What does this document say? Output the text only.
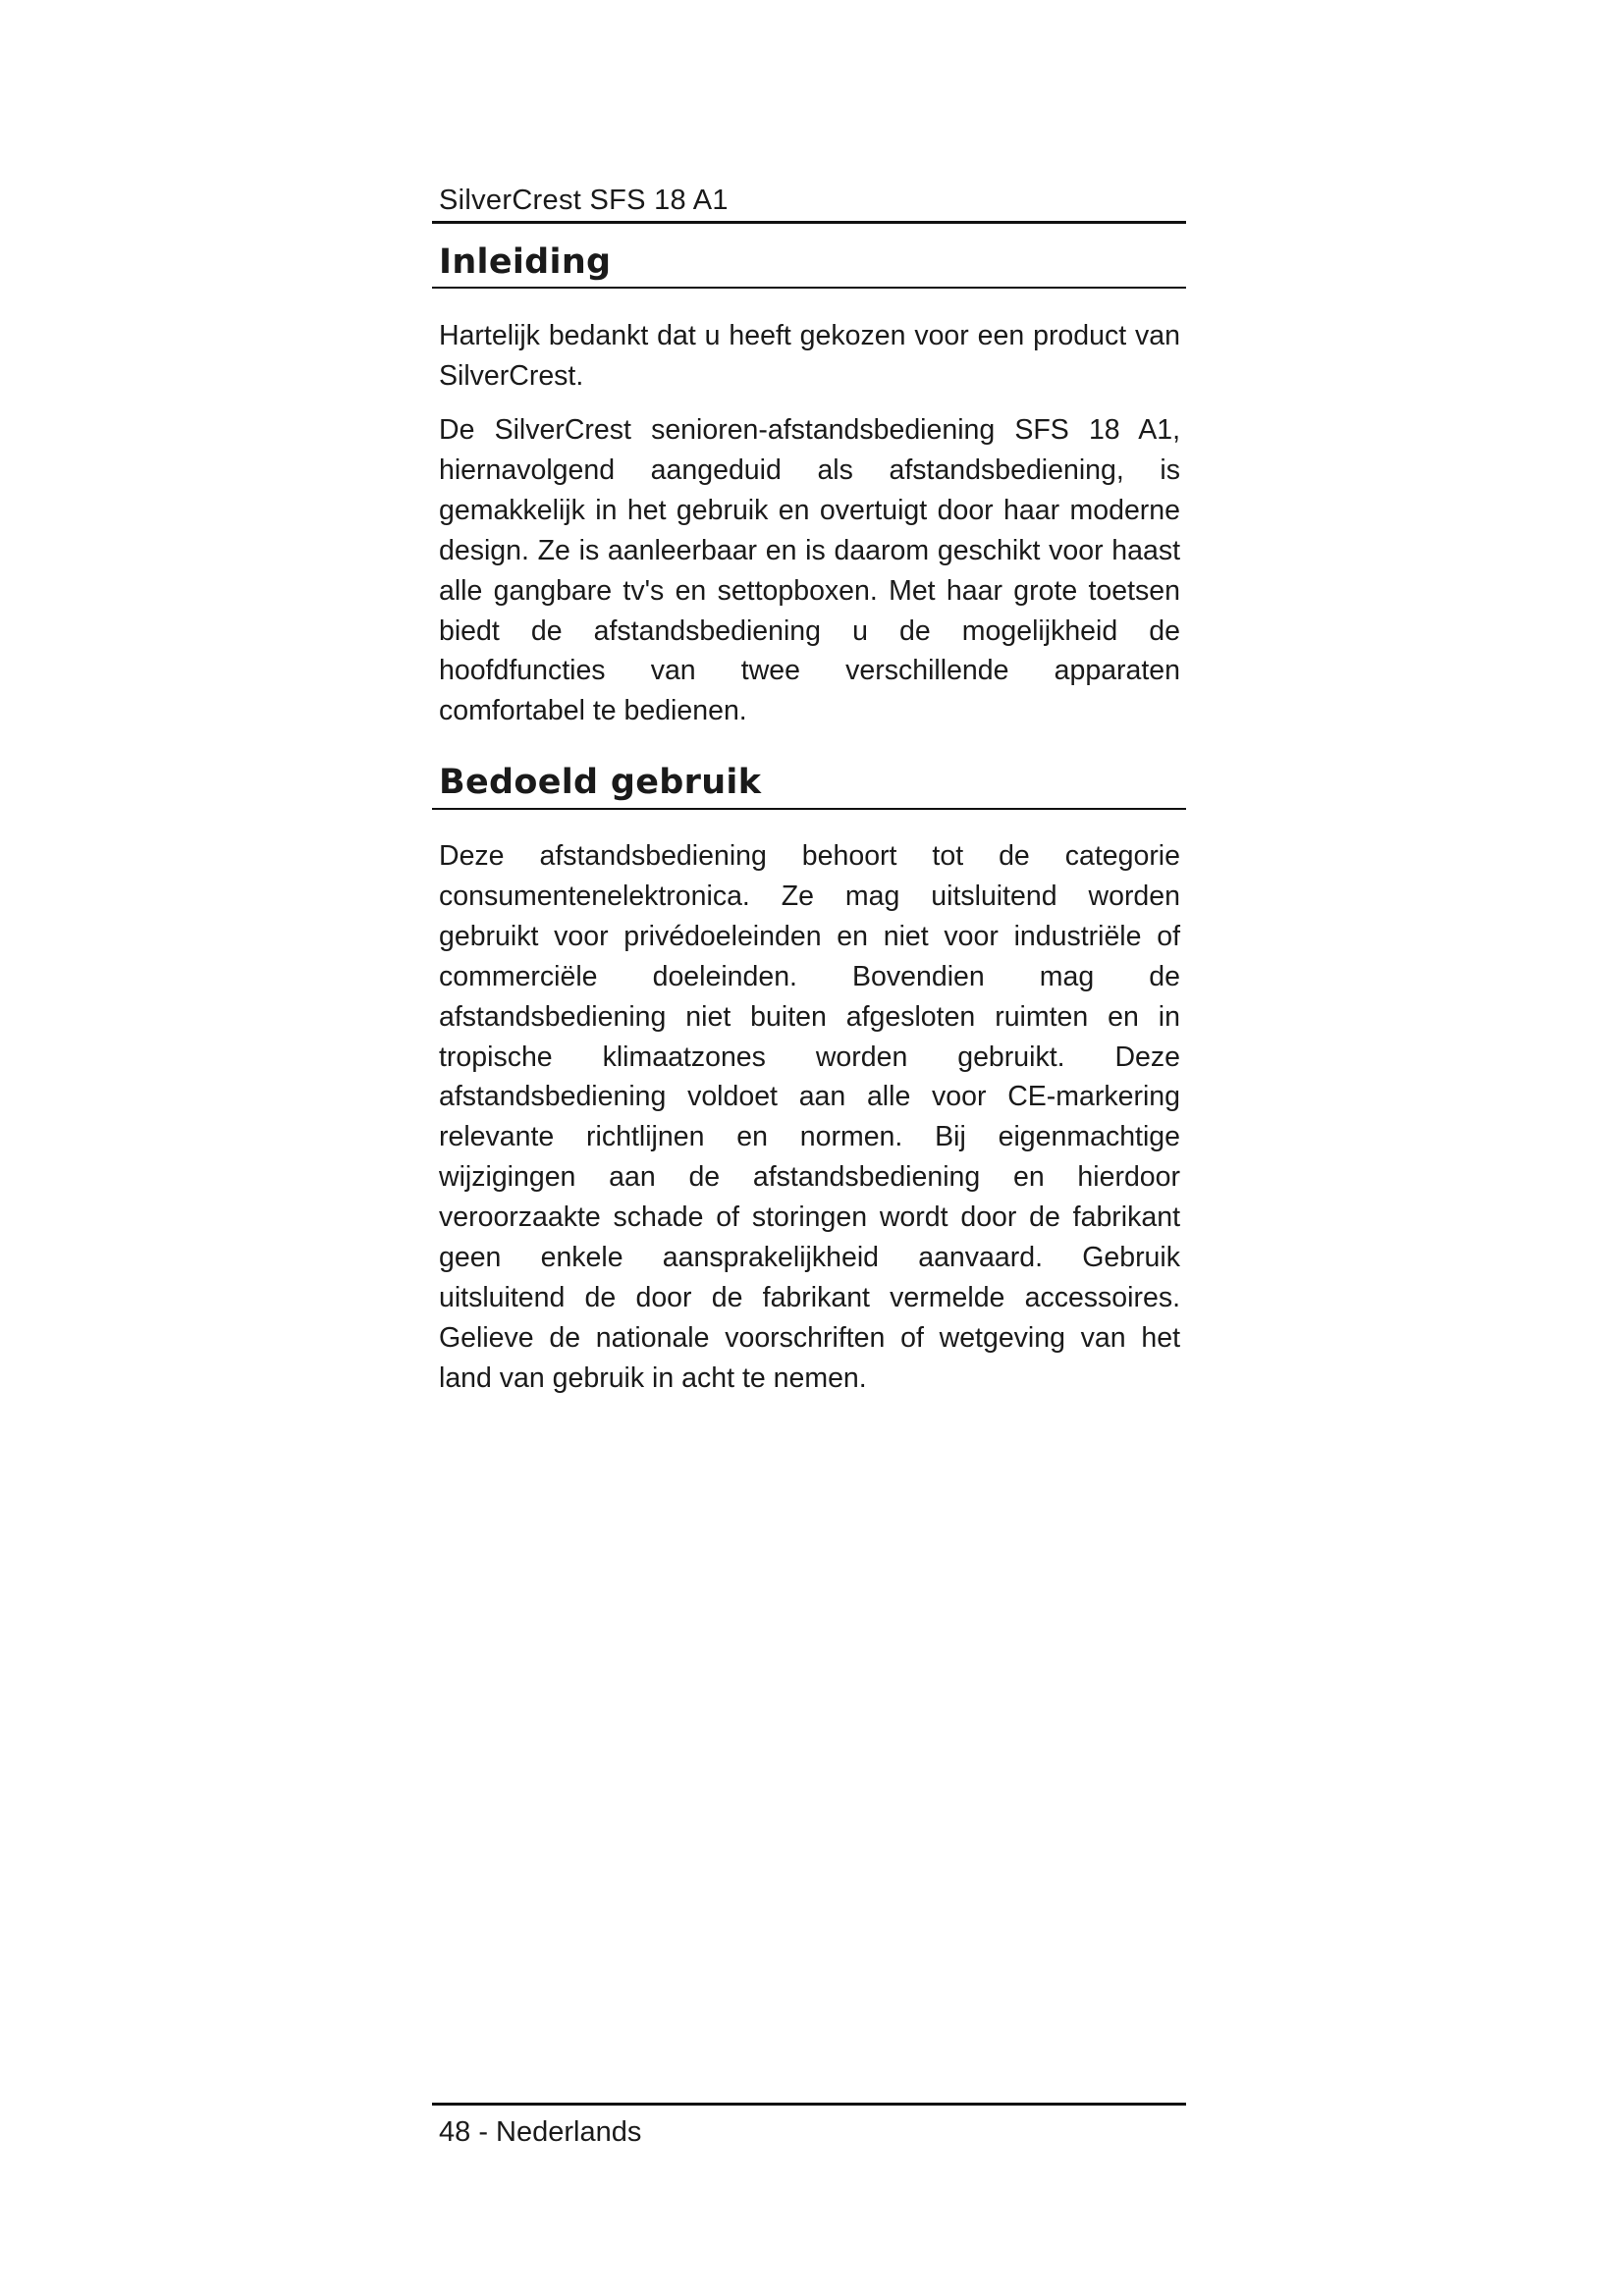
SilverCrest SFS 18 A1
Inleiding

Hartelijk bedankt dat u heeft gekozen voor een product van SilverCrest.

De SilverCrest senioren-afstandsbediening SFS 18 A1, hiernavolgend aangeduid als afstandsbediening, is gemakkelijk in het gebruik en overtuigt door haar moderne design. Ze is aanleerbaar en is daarom geschikt voor haast alle gangbare tv's en settopboxen. Met haar grote toetsen biedt de afstandsbediening u de mogelijkheid de hoofdfuncties van twee verschillende apparaten comfortabel te bedienen.

Bedoeld gebruik

Deze afstandsbediening behoort tot de categorie consumentenelektronica. Ze mag uitsluitend worden gebruikt voor privédoeleinden en niet voor industriële of commerciële doeleinden. Bovendien mag de afstandsbediening niet buiten afgesloten ruimten en in tropische klimaatzones worden gebruikt. Deze afstandsbediening voldoet aan alle voor CE-markering relevante richtlijnen en normen. Bij eigenmachtige wijzigingen aan de afstandsbediening en hierdoor veroorzaakte schade of storingen wordt door de fabrikant geen enkele aansprakelijkheid aanvaard. Gebruik uitsluitend de door de fabrikant vermelde accessoires. Gelieve de nationale voorschriften of wetgeving van het land van gebruik in acht te nemen.

48 - Nederlands
